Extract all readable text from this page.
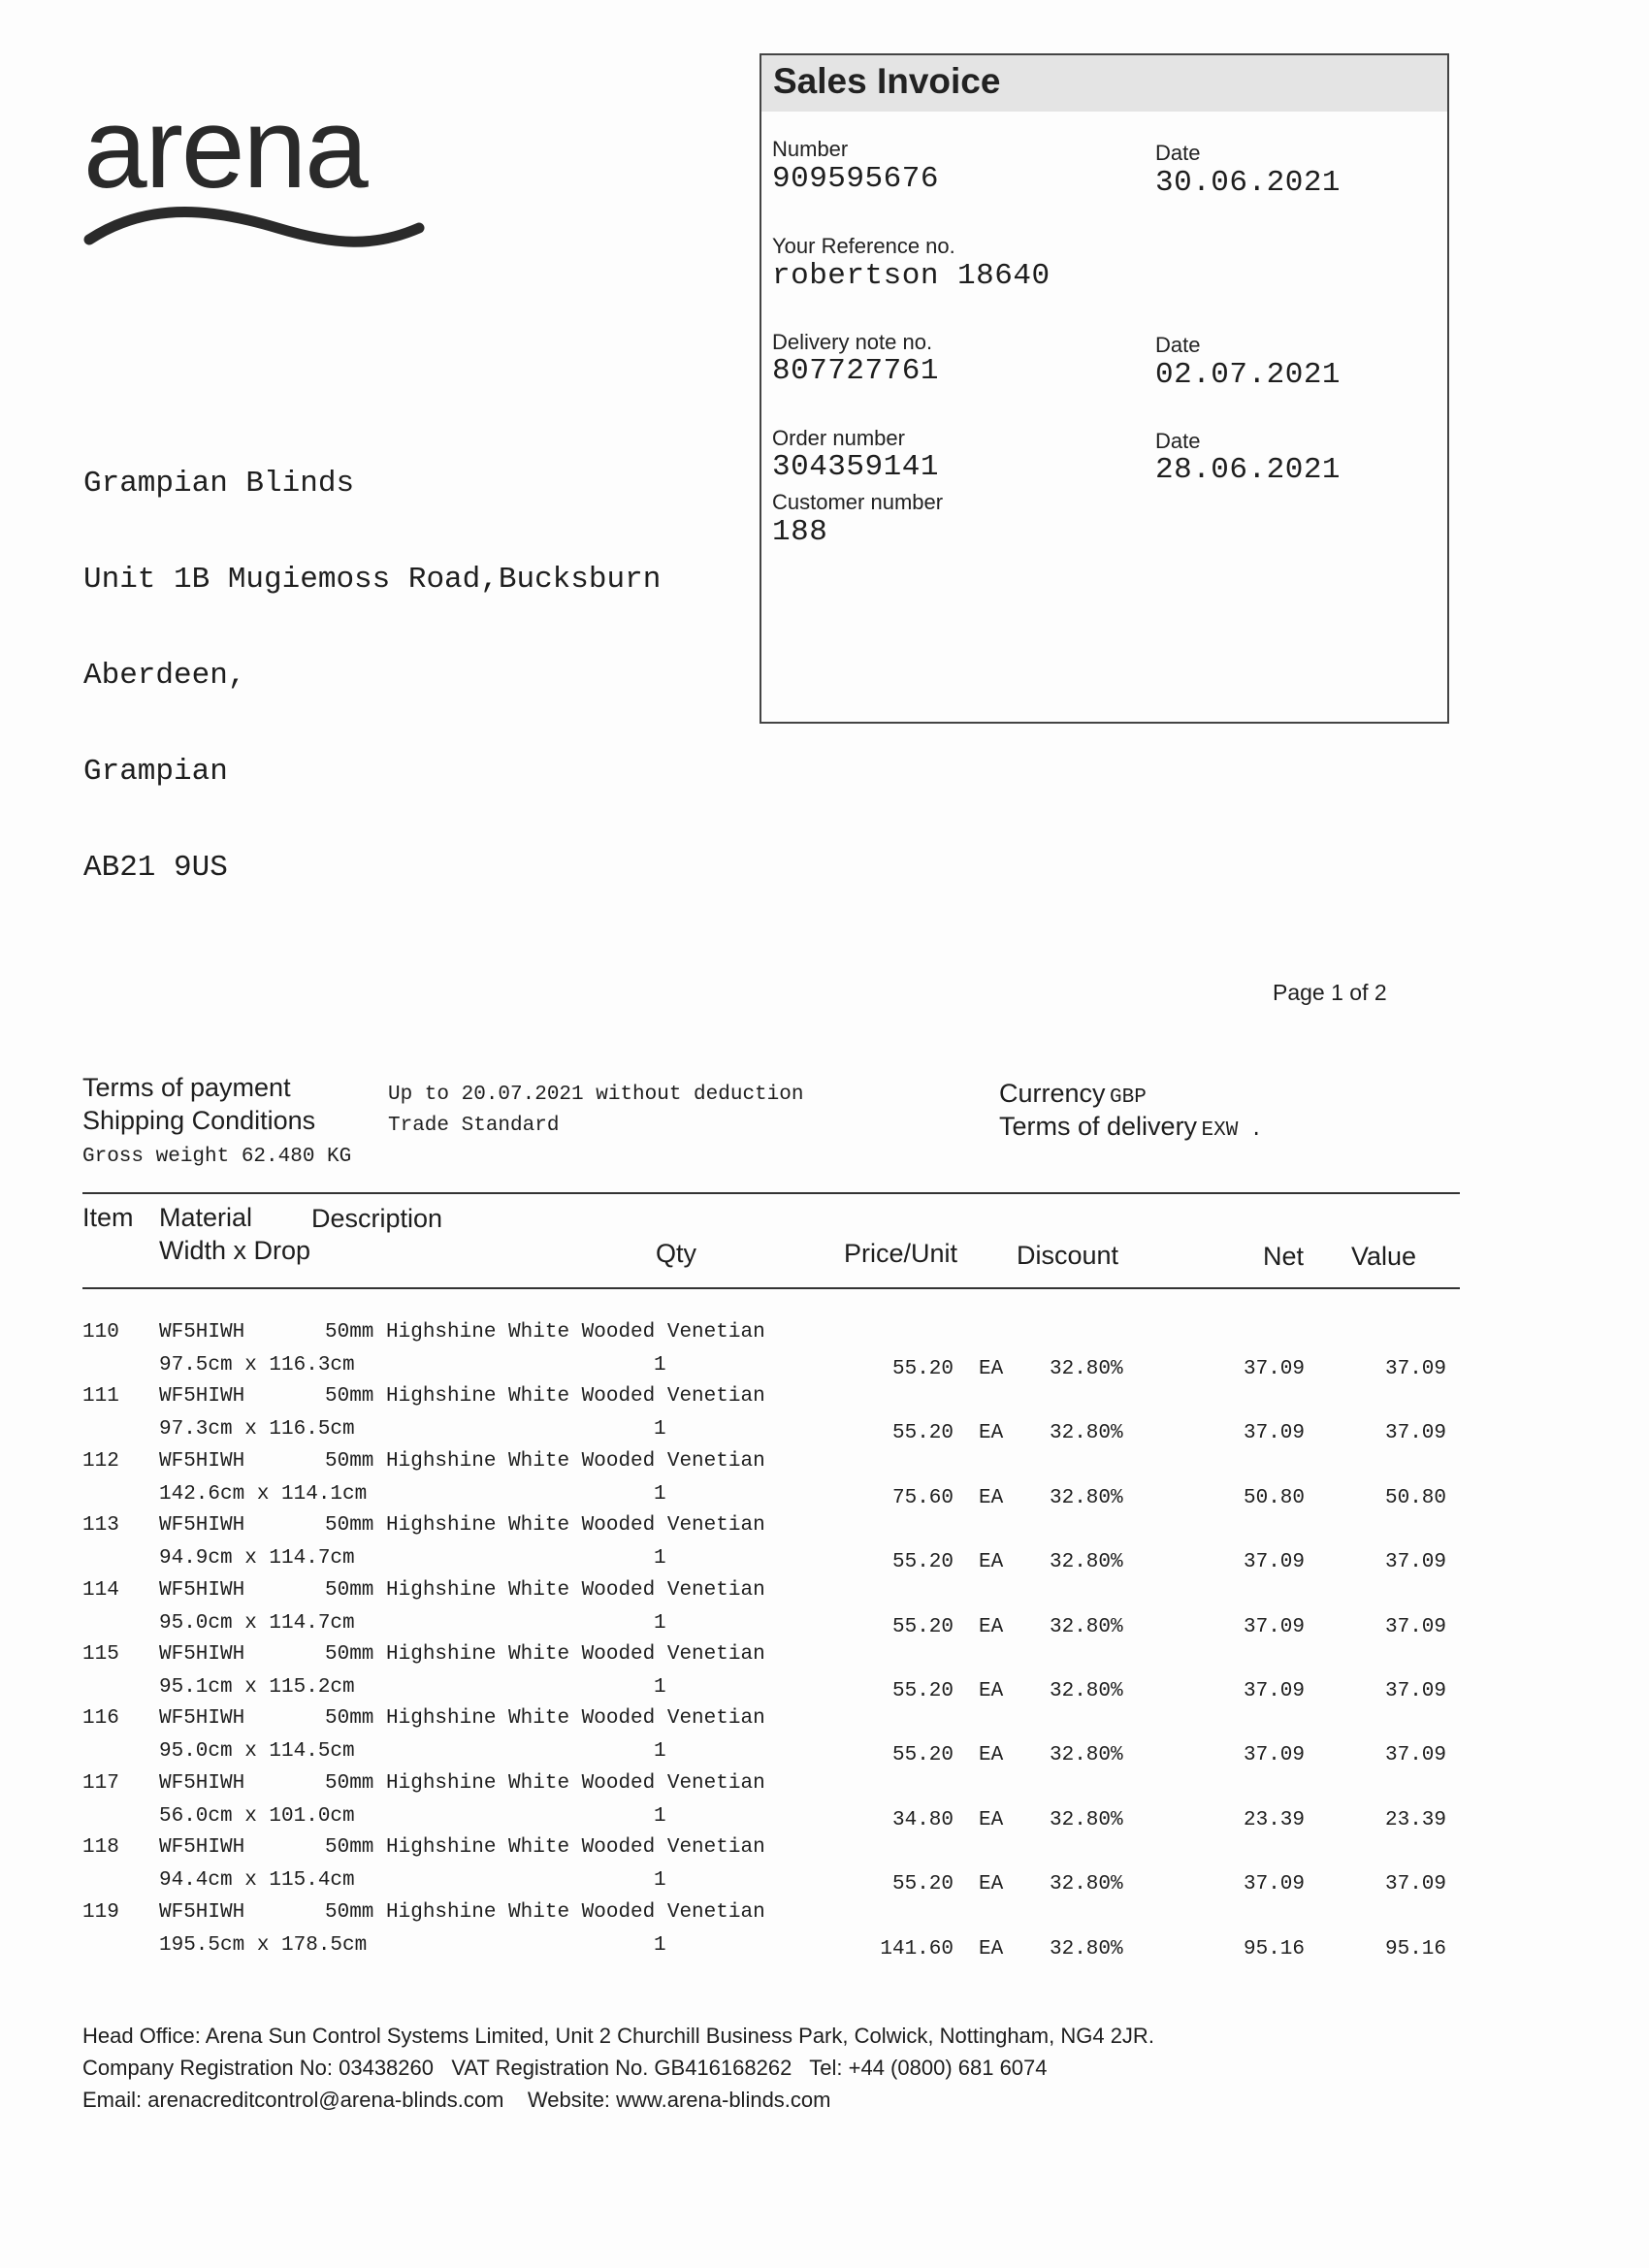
arena

Grampian Blinds

Unit 1B Mugiemoss Road,Bucksburn

Aberdeen,

Grampian

AB21 9US

Sales Invoice
Number
909595676
Date
30.06.2021
Your Reference no.
robertson 18640
Delivery note no.
807727761
Date
02.07.2021
Order number
304359141
Date
28.06.2021
Customer number
188
Page 1 of 2
Terms of payment	Up to 20.07.2021 without deduction
Shipping Conditions	Trade Standard
Gross weight 62.480 KG
Currency GBP
Terms of delivery EXW .
Item Material Description
Width x Drop	Qty	Price/Unit Discount	Net Value
110 WF5HIWH	50mm Highshine White Wooded Venetian
97.5cm x 116.3cm	1	55.20 EA 32.80%	37.09	37.09
111 WF5HIWH	50mm Highshine White Wooded Venetian
97.3cm x 116.5cm	1	55.20 EA 32.80%	37.09	37.09
112 WF5HIWH	50mm Highshine White Wooded Venetian
142.6cm x 114.1cm	1	75.60 EA 32.80%	50.80	50.80
113 WF5HIWH	50mm Highshine White Wooded Venetian
94.9cm x 114.7cm	1	55.20 EA 32.80%	37.09	37.09
114 WF5HIWH	50mm Highshine White Wooded Venetian
95.0cm x 114.7cm	1	55.20 EA 32.80%	37.09	37.09
115 WF5HIWH	50mm Highshine White Wooded Venetian
95.1cm x 115.2cm	1	55.20 EA 32.80%	37.09	37.09
116 WF5HIWH	50mm Highshine White Wooded Venetian
95.0cm x 114.5cm	1	55.20 EA 32.80%	37.09	37.09
117 WF5HIWH	50mm Highshine White Wooded Venetian
56.0cm x 101.0cm	1	34.80 EA 32.80%	23.39	23.39
118 WF5HIWH	50mm Highshine White Wooded Venetian
94.4cm x 115.4cm	1	55.20 EA 32.80%	37.09	37.09
119 WF5HIWH	50mm Highshine White Wooded Venetian
195.5cm x 178.5cm	1	141.60 EA 32.80%	95.16	95.16
Head Office: Arena Sun Control Systems Limited, Unit 2 Churchill Business Park, Colwick, Nottingham, NG4 2JR.
Company Registration No: 03438260   VAT Registration No. GB416168262   Tel: +44 (0800) 681 6074
Email: arenacreditcontrol@arena-blinds.com    Website: www.arena-blinds.com
